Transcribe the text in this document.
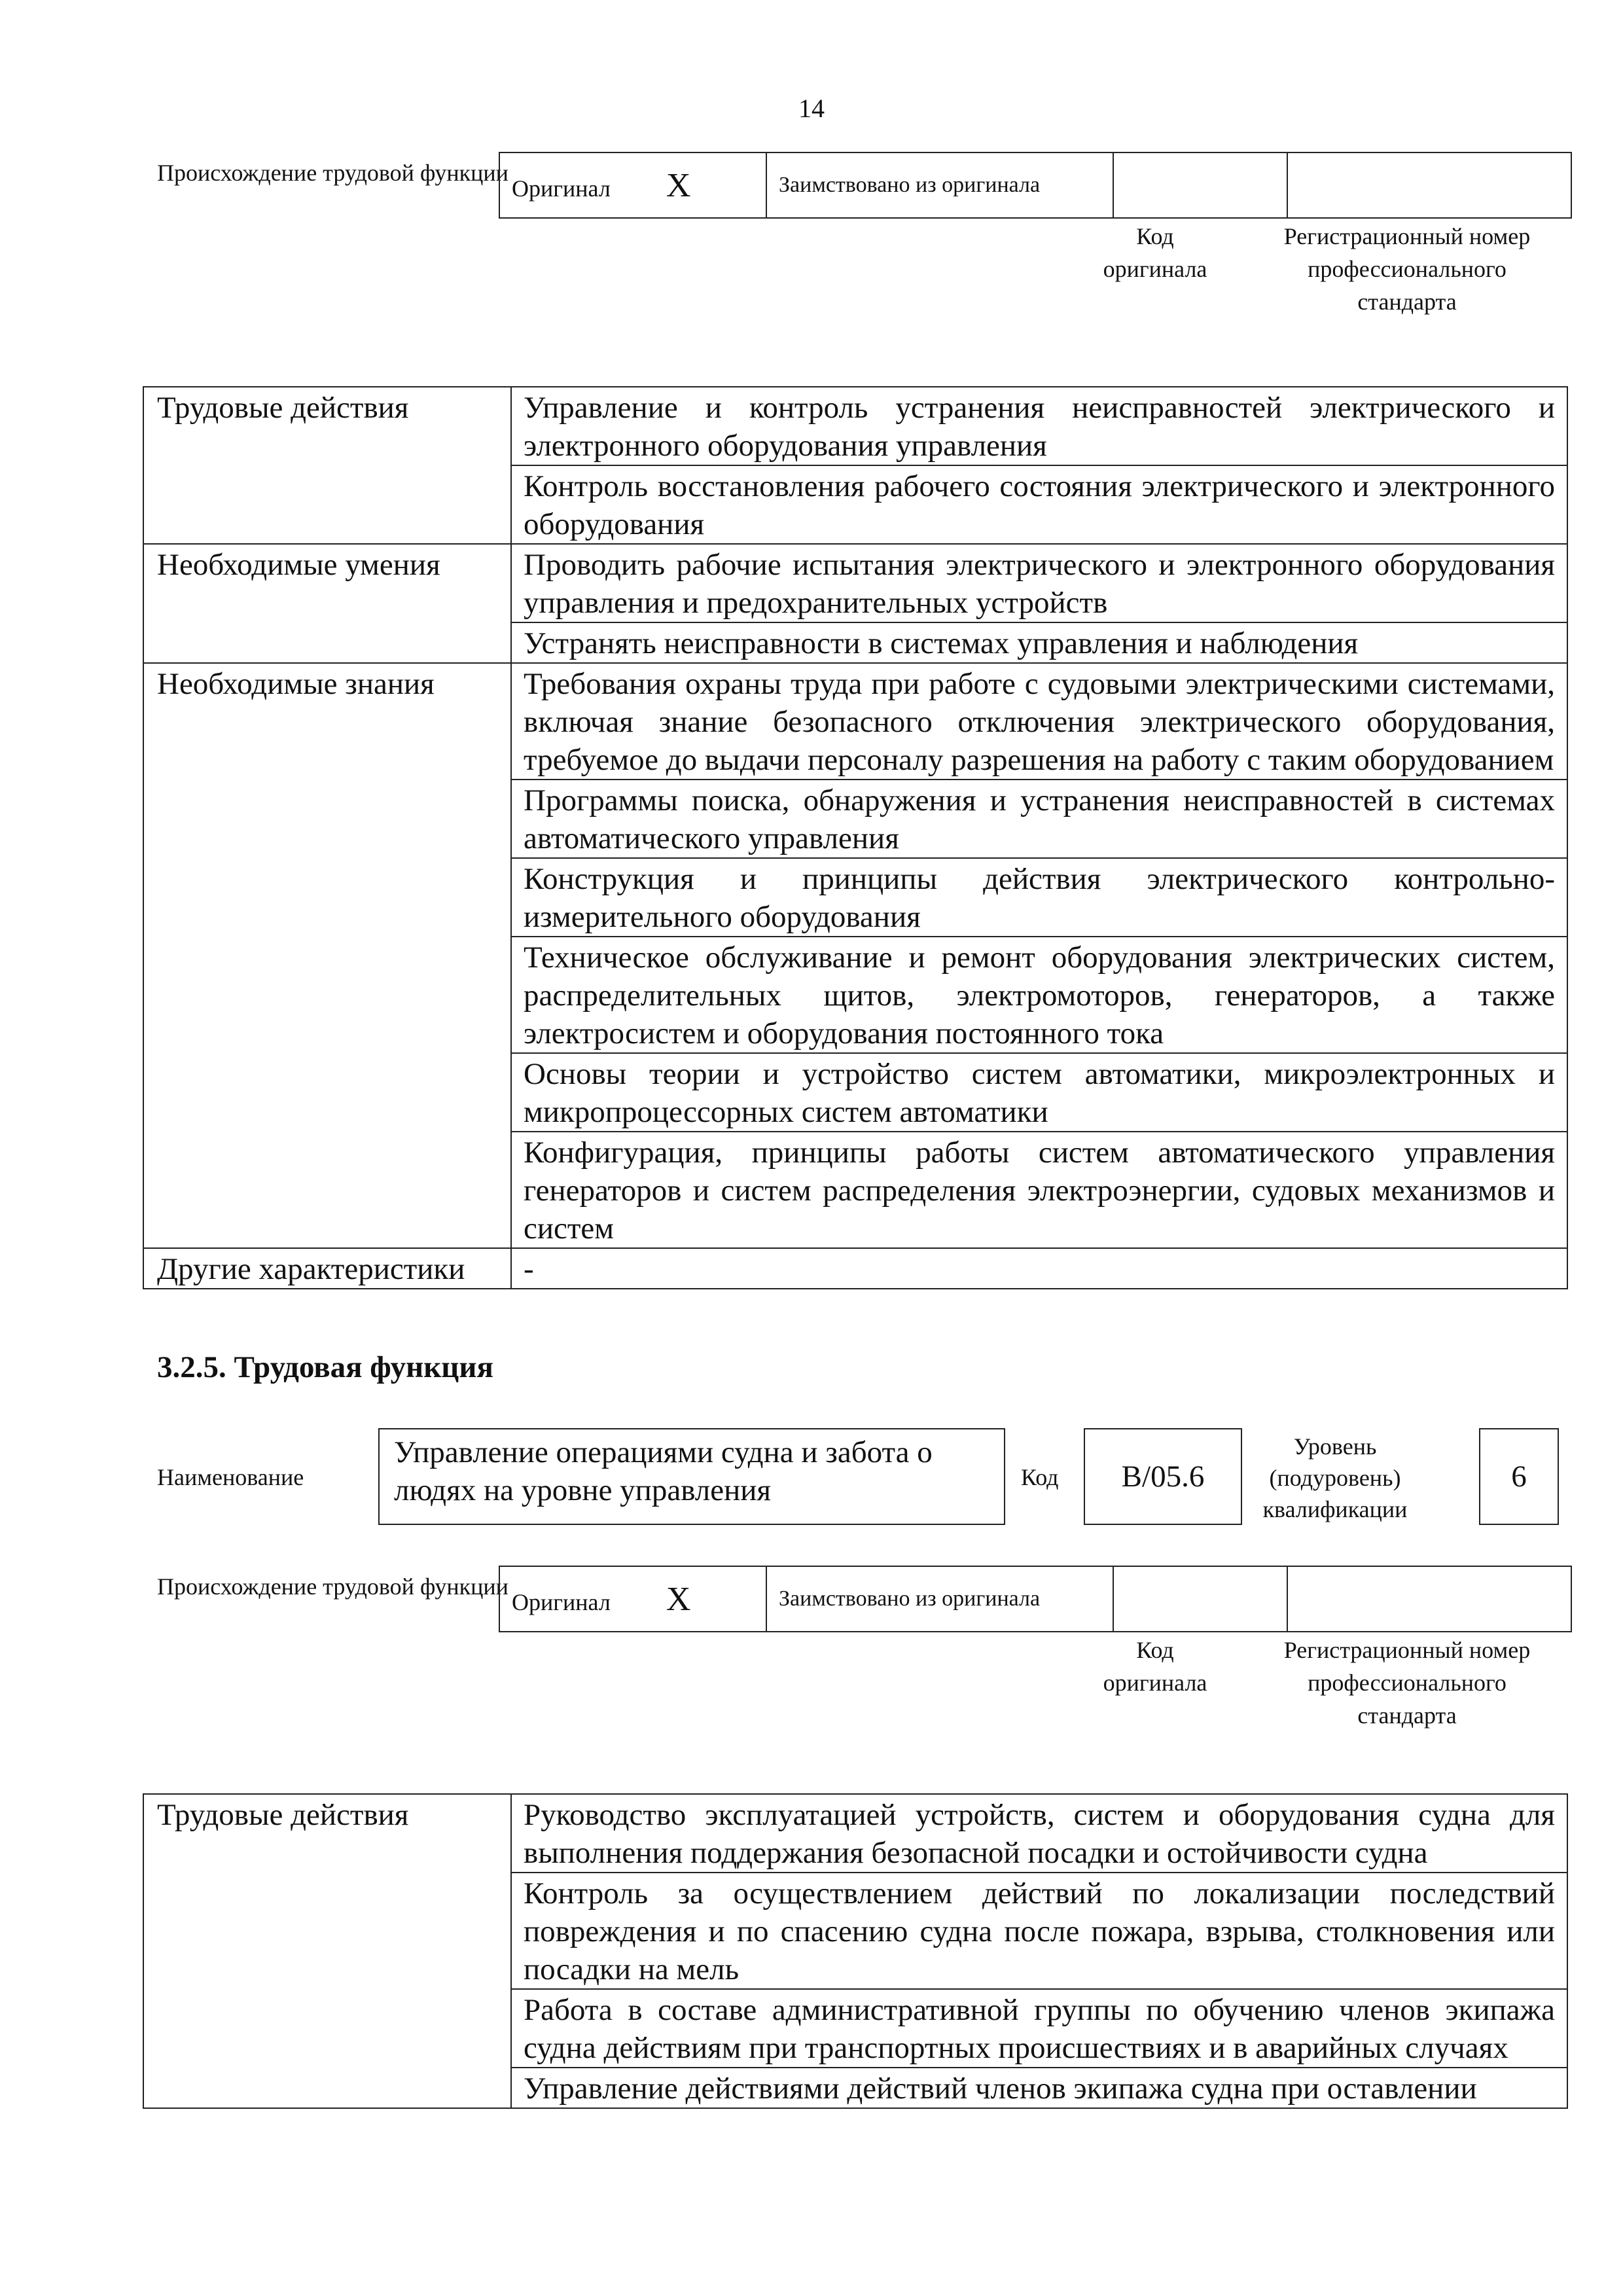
14
Происхождение трудовой функции
Оригинал X	Заимствовано из оригинала		
Код оригинала
Регистрационный номер профессионального стандарта
Трудовые действия	Управление и контроль устранения неисправностей электрического и электронного оборудования управления
	Контроль восстановления рабочего состояния электрического и электронного оборудования
Необходимые умения	Проводить рабочие испытания электрического и электронного оборудования управления и предохранительных устройств
	Устранять неисправности в системах управления и наблюдения
Необходимые знания	Требования охраны труда при работе с судовыми электрическими системами, включая знание безопасного отключения электрического оборудования, требуемое до выдачи персоналу разрешения на работу с таким оборудованием
	Программы поиска, обнаружения и устранения неисправностей в системах автоматического управления
	Конструкция и принципы действия электрического контрольно-измерительного оборудования
	Техническое обслуживание и ремонт оборудования электрических систем, распределительных щитов, электромоторов, генераторов, а также электросистем и оборудования постоянного тока
	Основы теории и устройство систем автоматики, микроэлектронных и микропроцессорных систем автоматики
	Конфигурация, принципы работы систем автоматического управления генераторов и систем распределения электроэнергии, судовых механизмов и систем
Другие характеристики	-
3.2.5. Трудовая функция
Наименование
Управление операциями судна и забота о людях на уровне управления	Код	B/05.6
Уровень (подуровень) квалификации
6
Происхождение трудовой функции
Оригинал X	Заимствовано из оригинала		
Код оригинала
Регистрационный номер профессионального стандарта
Трудовые действия	Руководство эксплуатацией устройств, систем и оборудования судна для выполнения поддержания безопасной посадки и остойчивости судна
Контроль за осуществлением действий по локализации последствий повреждения и по спасению судна после пожара, взрыва, столкновения или посадки на мель
Работа в составе административной группы по обучению членов экипажа судна действиям при транспортных происшествиях и в аварийных случаях
Управление действиями действий членов экипажа судна при оставлении
